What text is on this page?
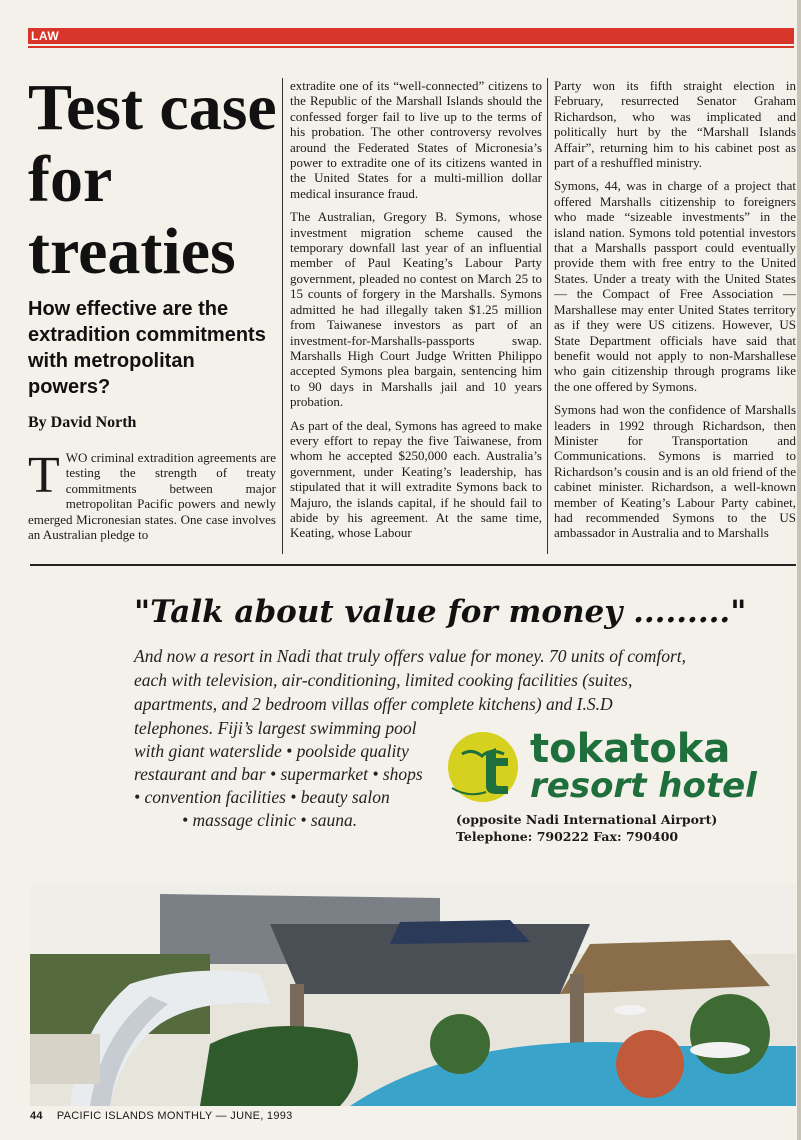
LAW
Test case for treaties
How effective are the extradition commitments with metropolitan powers?

By David North

TWO criminal extradition agreements are testing the strength of treaty commitments between major metropolitan Pacific powers and newly emerged Micronesian states. One case involves an Australian pledge to

extradite one of its “well-connected” citizens to the Republic of the Marshall Islands should the confessed forger fail to live up to the terms of his probation. The other controversy revolves around the Federated States of Micronesia’s power to extradite one of its citizens wanted in the United States for a multi-million dollar medical insurance fraud.

The Australian, Gregory B. Symons, whose investment migration scheme caused the temporary downfall last year of an influential member of Paul Keating’s Labour Party government, pleaded no contest on March 25 to 15 counts of forgery in the Marshalls. Symons admitted he had illegally taken $1.25 million from Taiwanese investors as part of an investment-for-Marshalls-passports swap. Marshalls High Court Judge Written Philippo accepted Symons plea bargain, sentencing him to 90 days in Marshalls jail and 10 years probation.

As part of the deal, Symons has agreed to make every effort to repay the five Taiwanese, from whom he accepted $250,000 each. Australia’s government, under Keating’s leadership, has stipulated that it will extradite Symons back to Majuro, the islands capital, if he should fail to abide by his agreement. At the same time, Keating, whose Labour

Party won its fifth straight election in February, resurrected Senator Graham Richardson, who was implicated and politically hurt by the “Marshall Islands Affair”, returning him to his cabinet post as part of a reshuffled ministry.

Symons, 44, was in charge of a project that offered Marshalls citizenship to foreigners who made “sizeable investments” in the island nation. Symons told potential investors that a Marshalls passport could eventually provide them with free entry to the United States. Under a treaty with the United States — the Compact of Free Association — Marshallese may enter United States territory as if they were US citizens. However, US State Department officials have said that benefit would not apply to non-Marshallese who gain citizenship through programs like the one offered by Symons.

Symons had won the confidence of Marshalls leaders in 1992 through Richardson, then Minister for Transportation and Communications. Symons is married to Richardson’s cousin and is an old friend of the cabinet minister. Richardson, a well-known member of Keating’s Labour Party cabinet, had recommended Symons to the US ambassador in Australia and to Marshalls

"Talk about value for money ........."

And now a resort in Nadi that truly offers value for money. 70 units of comfort, each with television, air-conditioning, limited cooking facilities (suites, apartments, and 2 bedroom villas offer complete kitchens) and I.S.D telephones. Fiji’s largest swimming pool

with giant waterslide • poolside quality
restaurant and bar • supermarket • shops
• convention facilities • beauty salon
• massage clinic • sauna.

tokatoka

resort hotel

(opposite Nadi International Airport)

Telephone: 790222 Fax: 790400

44 PACIFIC ISLANDS MONTHLY — JUNE, 1993
